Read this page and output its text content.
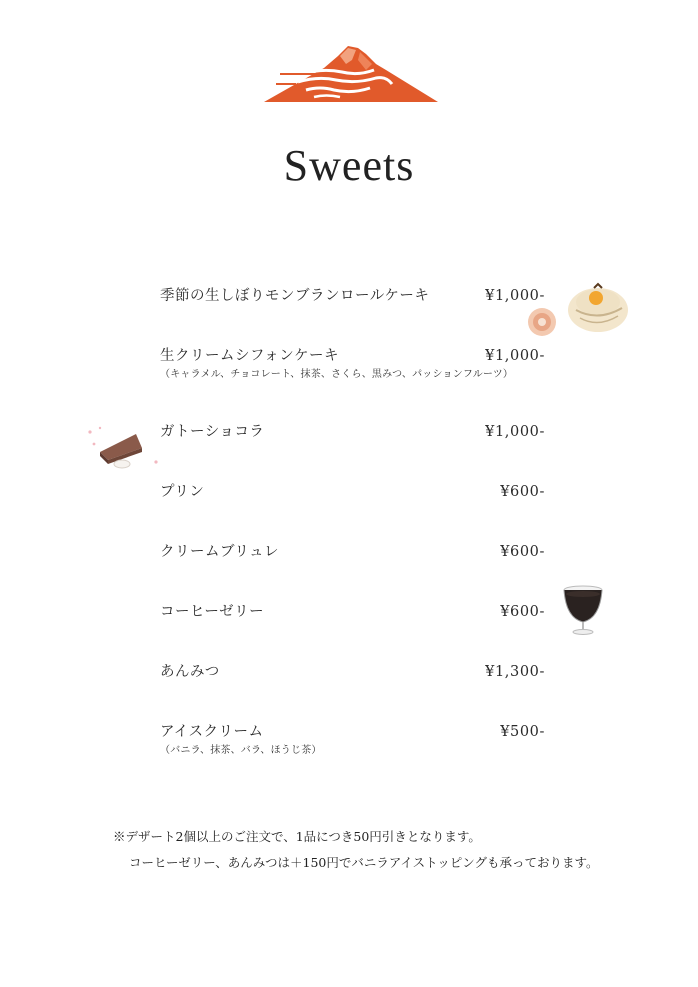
Sweets
季節の生しぼりモンブランロールケーキ	¥1,000-
生クリームシフォンケーキ	¥1,000-
（キャラメル、チョコレート、抹茶、さくら、黒みつ、パッションフルーツ）
ガトーショコラ	¥1,000-
プリン	¥600-
クリームブリュレ	¥600-
コーヒーゼリー	¥600-
あんみつ	¥1,300-
アイスクリーム	¥500-
（バニラ、抹茶、バラ、ほうじ茶）
※デザート2個以上のご注文で、1品につき50円引きとなります。
コーヒーゼリー、あんみつは＋150円でバニラアイストッピングも承っております。
